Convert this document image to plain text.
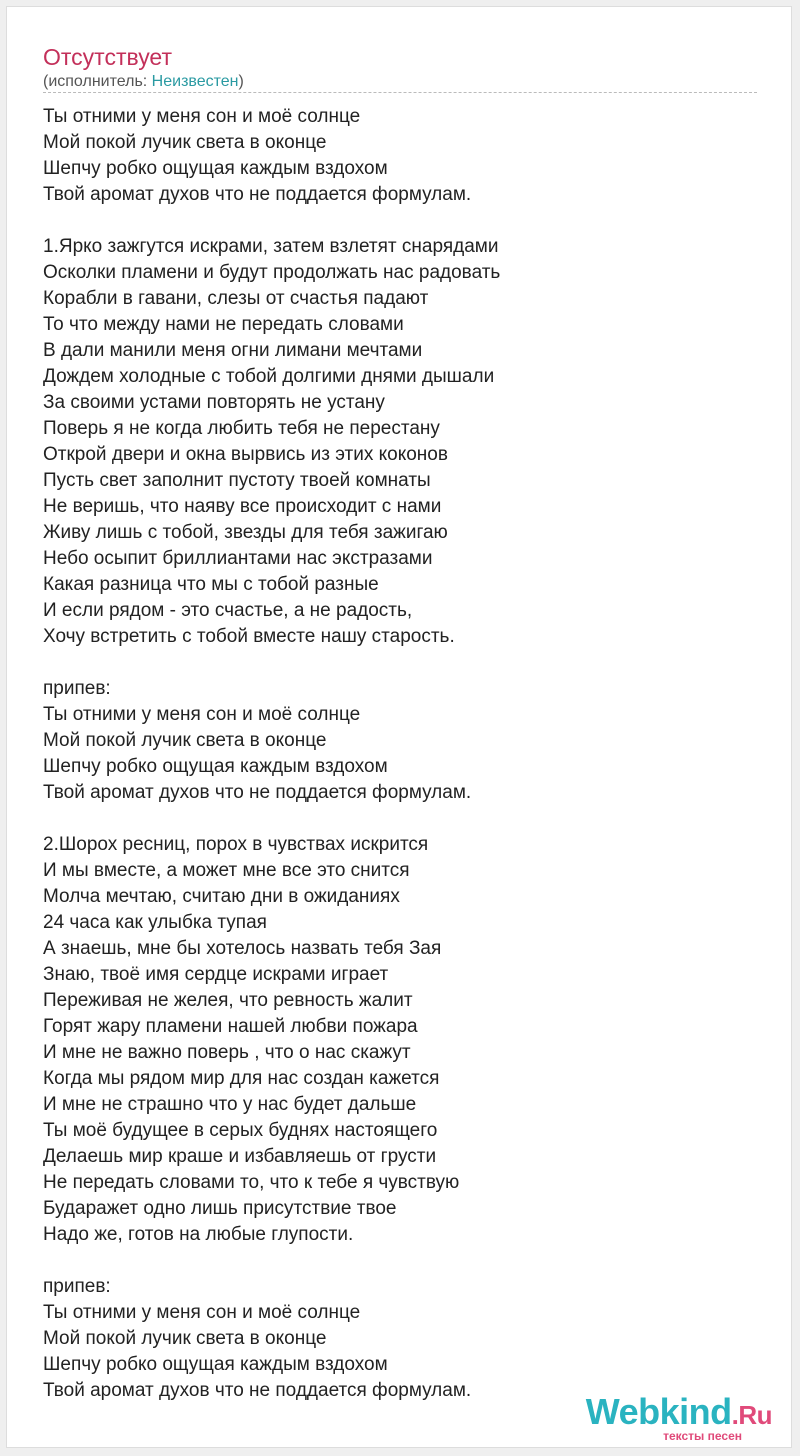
Отсутствует
(исполнитель: Неизвестен)
Ты отними у меня сон и моё солнце
Мой покой лучик света в оконце
Шепчу робко ощущая каждым вздохом
Твой аромат духов что не поддается формулам.
1.Ярко зажгутся искрами, затем взлетят снарядами
Осколки пламени и будут продолжать нас радовать
Корабли в гавани, слезы от счастья падают
То что между нами не передать словами
В дали манили меня огни лимани мечтами
Дождем холодные с тобой долгими днями дышали
За своими устами повторять не устану
Поверь я не когда любить тебя не перестану
Открой двери и окна вырвись из этих коконов
Пусть свет заполнит пустоту твоей комнаты
Не веришь, что наяву все происходит с нами
Живу лишь с тобой, звезды для тебя зажигаю
Небо осыпит бриллиантами нас экстразами
Какая разница что мы с тобой разные
И если рядом - это счастье, а не радость,
Хочу встретить с тобой вместе нашу старость.
припев:
Ты отними у меня сон и моё солнце
Мой покой лучик света в оконце
Шепчу робко ощущая каждым вздохом
Твой аромат духов что не поддается формулам.
2.Шорох ресниц, порох в чувствах искрится
И мы вместе, а может мне все это снится
Молча мечтаю, считаю дни в ожиданиях
24 часа как улыбка тупая
А знаешь, мне бы хотелось назвать тебя Зая
Знаю, твоё имя сердце искрами играет
Переживая не желея, что ревность жалит
Горят жару пламени нашей любви пожара
И мне не важно поверь , что о нас скажут
Когда мы рядом мир для нас создан кажется
И мне не страшно что у нас будет дальше
Ты моё будущее в серых буднях настоящего
Делаешь мир краше и избавляешь от грусти
Не передать словами то, что к тебе я чувствую
Бударажет одно лишь присутствие твое
Надо же, готов на любые глупости.
припев:
Ты отними у меня сон и моё солнце
Мой покой лучик света в оконце
Шепчу робко ощущая каждым вздохом
Твой аромат духов что не поддается формулам.
Webkind.Ru
тексты песен
